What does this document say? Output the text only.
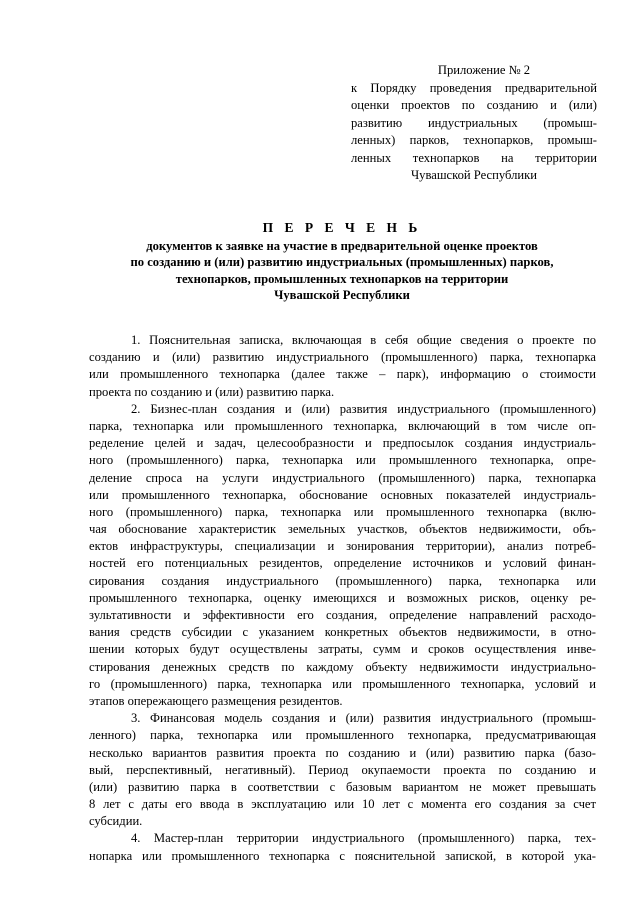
Приложение № 2
к Порядку проведения предварительной
оценки проектов по созданию и (или)
развитию индустриальных (промыш-
ленных) парков, технопарков, промыш-
ленных технопарков на территории
Чувашской Республики
П Е Р Е Ч Е Н Ь
документов к заявке на участие в предварительной оценке проектов
по созданию и (или) развитию индустриальных (промышленных) парков,
технопарков, промышленных технопарков на территории
Чувашской Республики
1. Пояснительная записка, включающая в себя общие сведения о проекте по
созданию и (или) развитию индустриального (промышленного) парка, технопарка
или промышленного технопарка (далее также – парк), информацию о стоимости
проекта по созданию и (или) развитию парка.
2. Бизнес-план создания и (или) развития индустриального (промышленного)
парка, технопарка или промышленного технопарка, включающий в том числе оп-
ределение целей и задач, целесообразности и предпосылок создания индустриаль-
ного (промышленного) парка, технопарка или промышленного технопарка, опре-
деление спроса на услуги индустриального (промышленного) парка, технопарка
или промышленного технопарка, обоснование основных показателей индустриаль-
ного (промышленного) парка, технопарка или промышленного технопарка (вклю-
чая обоснование характеристик земельных участков, объектов недвижимости, объ-
ектов инфраструктуры, специализации и зонирования территории), анализ потреб-
ностей его потенциальных резидентов, определение источников и условий финан-
сирования создания индустриального (промышленного) парка, технопарка или
промышленного технопарка, оценку имеющихся и возможных рисков, оценку ре-
зультативности и эффективности его создания, определение направлений расходо-
вания средств субсидии с указанием конкретных объектов недвижимости, в отно-
шении которых будут осуществлены затраты, сумм и сроков осуществления инве-
стирования денежных средств по каждому объекту недвижимости индустриально-
го (промышленного) парка, технопарка или промышленного технопарка, условий и
этапов опережающего размещения резидентов.
3. Финансовая модель создания и (или) развития индустриального (промыш-
ленного) парка, технопарка или промышленного технопарка, предусматривающая
несколько вариантов развития проекта по созданию и (или) развитию парка (базо-
вый, перспективный, негативный). Период окупаемости проекта по созданию и
(или) развитию парка в соответствии с базовым вариантом не может превышать
8 лет с даты его ввода в эксплуатацию или 10 лет с момента его создания за счет
субсидии.
4. Мастер-план территории индустриального (промышленного) парка, тех-
нопарка или промышленного технопарка с пояснительной запиской, в которой ука-
